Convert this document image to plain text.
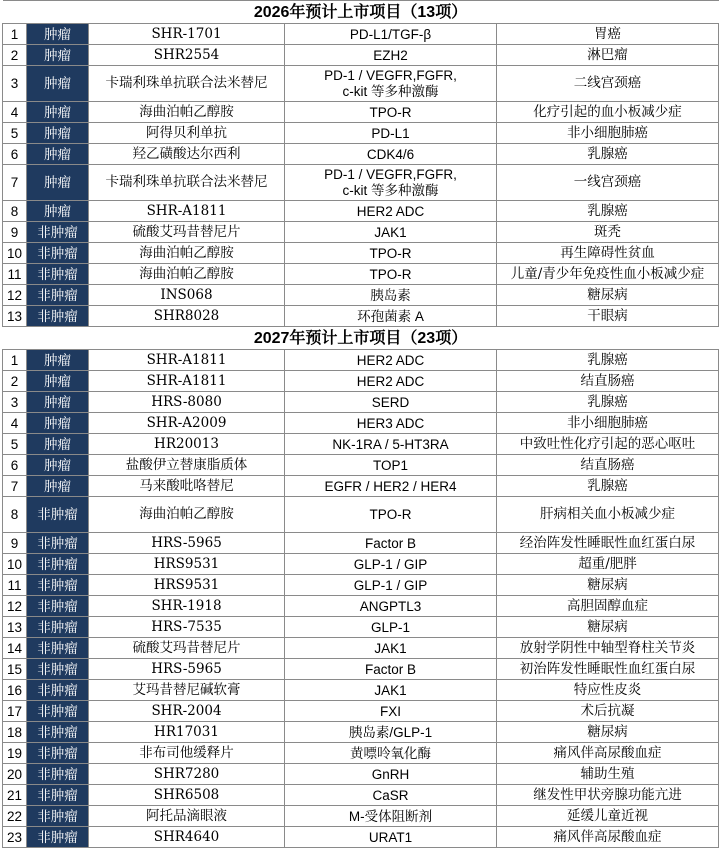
2026年预计上市项目（13项）				
1	肿瘤	SHR-1701	PD-L1/TGF-β	胃癌
2	肿瘤	SHR2554	EZH2	淋巴瘤
3	肿瘤	卡瑞利珠单抗联合法米替尼	PD-1 / VEGFR,FGFR,
c-kit 等多种激酶	二线宫颈癌
4	肿瘤	海曲泊帕乙醇胺	TPO-R	化疗引起的血小板减少症
5	肿瘤	阿得贝利单抗	PD-L1	非小细胞肺癌
6	肿瘤	羟乙磺酸达尔西利	CDK4/6	乳腺癌
7	肿瘤	卡瑞利珠单抗联合法米替尼	PD-1 / VEGFR,FGFR,
c-kit 等多种激酶	一线宫颈癌
8	肿瘤	SHR-A1811	HER2 ADC	乳腺癌
9	非肿瘤	硫酸艾玛昔替尼片	JAK1	斑秃
10	非肿瘤	海曲泊帕乙醇胺	TPO-R	再生障碍性贫血
11	非肿瘤	海曲泊帕乙醇胺	TPO-R	儿童/青少年免疫性血小板减少症
12	非肿瘤	INS068	胰岛素	糖尿病
13	非肿瘤	SHR8028	环孢菌素 A	干眼病
2027年预计上市项目（23项）				
1	肿瘤	SHR-A1811	HER2 ADC	乳腺癌
2	肿瘤	SHR-A1811	HER2 ADC	结直肠癌
3	肿瘤	HRS-8080	SERD	乳腺癌
4	肿瘤	SHR-A2009	HER3 ADC	非小细胞肺癌
5	肿瘤	HR20013	NK-1RA / 5-HT3RA	中致吐性化疗引起的恶心呕吐
6	肿瘤	盐酸伊立替康脂质体	TOP1	结直肠癌
7	肿瘤	马来酸吡咯替尼	EGFR / HER2 / HER4	乳腺癌
8	非肿瘤	海曲泊帕乙醇胺	TPO-R	肝病相关血小板减少症
9	非肿瘤	HRS-5965	Factor B	经治阵发性睡眠性血红蛋白尿
10	非肿瘤	HRS9531	GLP-1 / GIP	超重/肥胖
11	非肿瘤	HRS9531	GLP-1 / GIP	糖尿病
12	非肿瘤	SHR-1918	ANGPTL3	高胆固醇血症
13	非肿瘤	HRS-7535	GLP-1	糖尿病
14	非肿瘤	硫酸艾玛昔替尼片	JAK1	放射学阴性中轴型脊柱关节炎
15	非肿瘤	HRS-5965	Factor B	初治阵发性睡眠性血红蛋白尿
16	非肿瘤	艾玛昔替尼碱软膏	JAK1	特应性皮炎
17	非肿瘤	SHR-2004	FXI	术后抗凝
18	非肿瘤	HR17031	胰岛素/GLP-1	糖尿病
19	非肿瘤	非布司他缓释片	黄嘌呤氧化酶	痛风伴高尿酸血症
20	非肿瘤	SHR7280	GnRH	辅助生殖
21	非肿瘤	SHR6508	CaSR	继发性甲状旁腺功能亢进
22	非肿瘤	阿托品滴眼液	M-受体阻断剂	延缓儿童近视
23	非肿瘤	SHR4640	URAT1	痛风伴高尿酸血症
